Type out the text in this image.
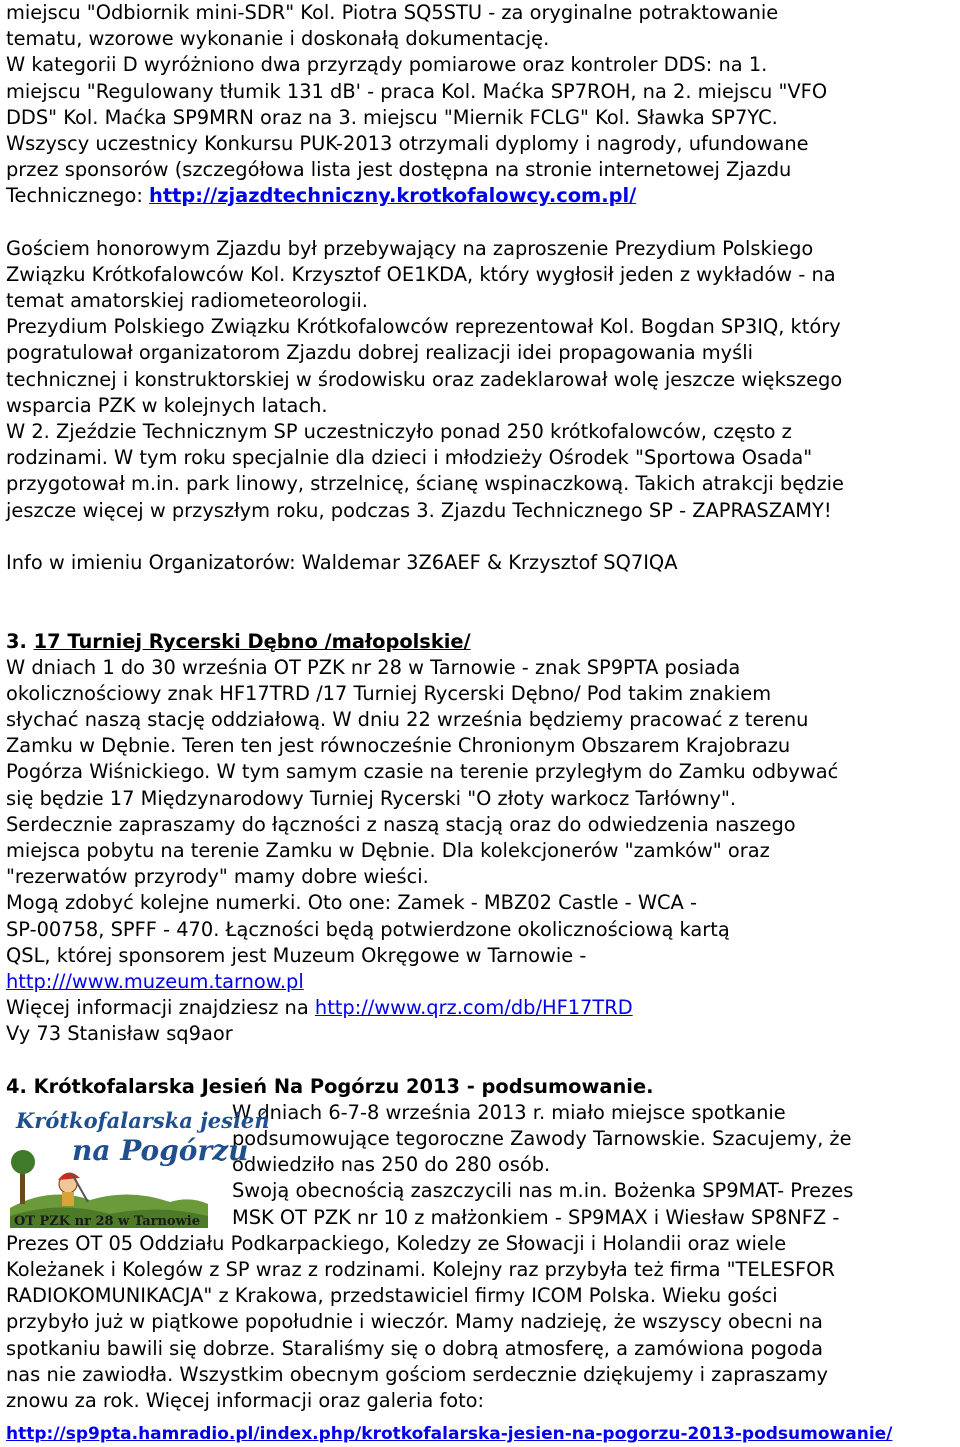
miejscu "Odbiornik mini-SDR" Kol. Piotra SQ5STU - za oryginalne potraktowanie
tematu, wzorowe wykonanie i doskonałą dokumentację.
W kategorii D wyróżniono dwa przyrządy pomiarowe oraz kontroler DDS: na 1.
miejscu "Regulowany tłumik 131 dB' - praca Kol. Maćka SP7ROH, na 2. miejscu "VFO
DDS" Kol. Maćka SP9MRN oraz na 3. miejscu "Miernik FCLG" Kol. Sławka SP7YC.
Wszyscy uczestnicy Konkursu PUK-2013 otrzymali dyplomy i nagrody, ufundowane
przez sponsorów (szczegółowa lista jest dostępna na stronie internetowej Zjazdu
Technicznego: http://zjazdtechniczny.krotkofalowcy.com.pl/
Gościem honorowym Zjazdu był przebywający na zaproszenie Prezydium Polskiego
Związku Krótkofalowców Kol. Krzysztof OE1KDA, który wygłosił jeden z wykładów - na
temat amatorskiej radiometeorologii.
Prezydium Polskiego Związku Krótkofalowców reprezentował Kol. Bogdan SP3IQ, który
pogratulował organizatorom Zjazdu dobrej realizacji idei propagowania myśli
technicznej i konstruktorskiej w środowisku oraz zadeklarował wolę jeszcze większego
wsparcia PZK w kolejnych latach.
W 2. Zjeździe Technicznym SP uczestniczyło ponad 250 krótkofalowców, często z
rodzinami. W tym roku specjalnie dla dzieci i młodzieży Ośrodek "Sportowa Osada"
przygotował m.in. park linowy, strzelnicę, ścianę wspinaczkową. Takich atrakcji będzie
jeszcze więcej w przyszłym roku, podczas 3. Zjazdu Technicznego SP - ZAPRASZAMY!
Info w imieniu Organizatorów: Waldemar 3Z6AEF & Krzysztof SQ7IQA
3. 17 Turniej Rycerski Dębno /małopolskie/
W dniach 1 do 30 września OT PZK nr 28 w Tarnowie - znak SP9PTA posiada
okolicznościowy znak HF17TRD /17 Turniej Rycerski Dębno/ Pod takim znakiem
słychać naszą stację oddziałową. W dniu 22 września będziemy pracować z terenu
Zamku w Dębnie. Teren ten jest równocześnie Chronionym Obszarem Krajobrazu
Pogórza Wiśnickiego. W tym samym czasie na terenie przyległym do Zamku odbywać
się będzie 17 Międzynarodowy Turniej Rycerski "O złoty warkocz Tarłówny".
Serdecznie zapraszamy do łączności z naszą stacją oraz do odwiedzenia naszego
miejsca pobytu na terenie Zamku w Dębnie. Dla kolekcjonerów "zamków" oraz
"rezerwatów przyrody" mamy dobre wieści.
Mogą zdobyć kolejne numerki. Oto one: Zamek - MBZ02 Castle - WCA -
SP-00758, SPFF - 470. Łączności będą potwierdzone okolicznościową kartą
QSL, której sponsorem jest Muzeum Okręgowe w Tarnowie -
http:///www.muzeum.tarnow.pl
Więcej informacji znajdziesz na http://www.qrz.com/db/HF17TRD
Vy 73 Stanisław sq9aor
4. Krótkofalarska Jesień Na Pogórzu 2013 - podsumowanie.
W dniach 6-7-8 września 2013 r. miało miejsce spotkanie
podsumowujące tegoroczne Zawody Tarnowskie. Szacujemy, że
odwiedziło nas 250 do 280 osób.
Swoją obecnością zaszczycili nas m.in. Bożenka SP9MAT- Prezes
MSK OT PZK nr 10 z małżonkiem - SP9MAX i Wiesław SP8NFZ -
Prezes OT 05 Oddziału Podkarpackiego, Koledzy ze Słowacji i Holandii oraz wiele
Koleżanek i Kolegów z SP wraz z rodzinami. Kolejny raz przybyła też firma "TELESFOR
RADIOKOMUNIKACJA" z Krakowa, przedstawiciel firmy ICOM Polska. Wieku gości
przybyło już w piątkowe popołudnie i wieczór. Mamy nadzieję, że wszyscy obecni na
spotkaniu bawili się dobrze. Staraliśmy się o dobrą atmosferę, a zamówiona pogoda
nas nie zawiodła. Wszystkim obecnym gościom serdecznie dziękujemy i zapraszamy
znowu za rok. Więcej informacji oraz galeria foto:
Krótkofalarska jesień
na Pogórzu
OT PZK nr 28 w Tarnowie
http://sp9pta.hamradio.pl/index.php/krotkofalarska-jesien-na-pogorzu-2013-podsumowanie/
